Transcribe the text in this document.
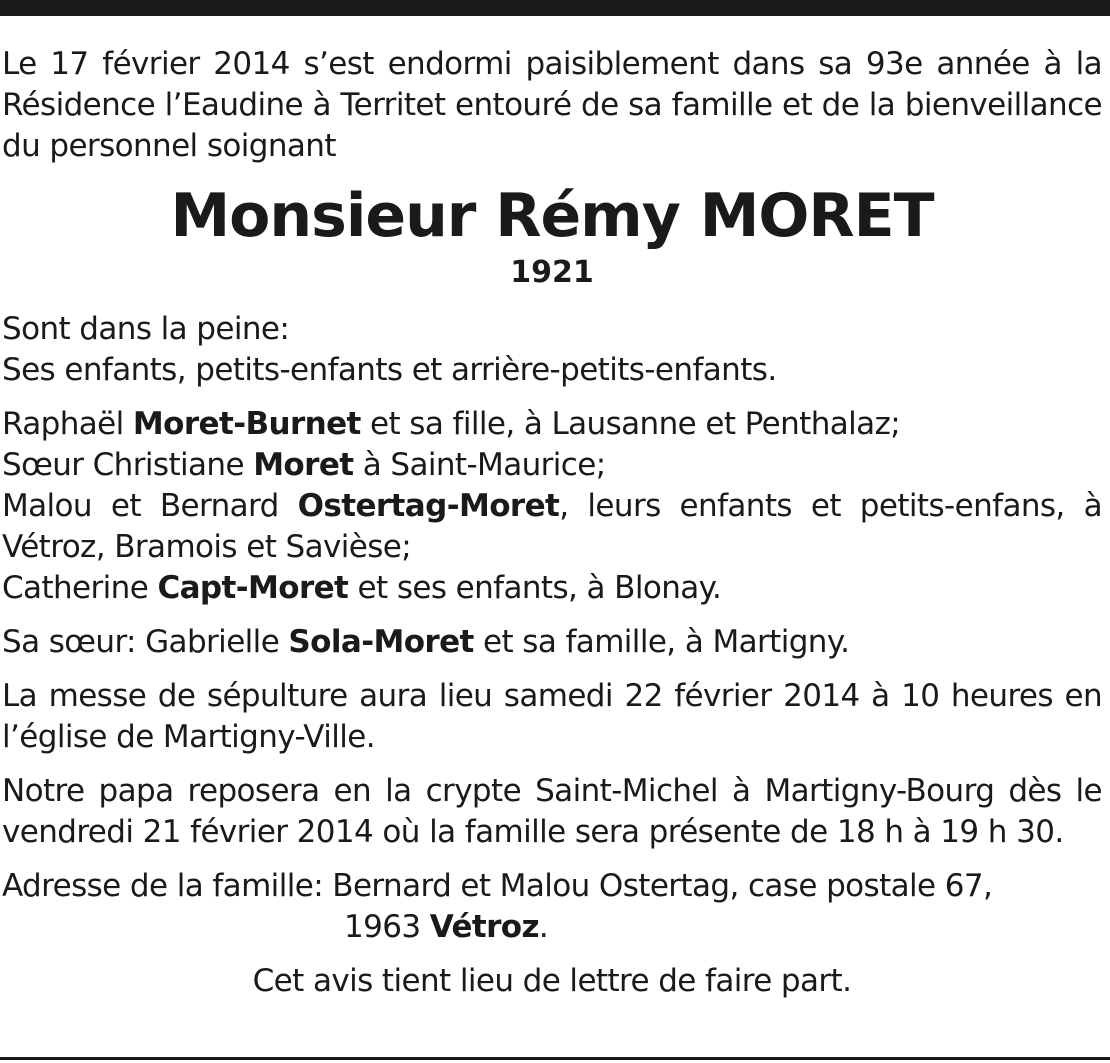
Le 17 février 2014 s’est endormi paisiblement dans sa 93e année à la Résidence l’Eaudine à Territet entouré de sa famille et de la bienveillance du personnel soignant

Monsieur Rémy MORET
1921

Sont dans la peine:

Ses enfants, petits-enfants et arrière-petits-enfants.

Raphaël Moret-Burnet et sa fille, à Lausanne et Penthalaz;

Sœur Christiane Moret à Saint-Maurice;

Malou et Bernard Ostertag-Moret, leurs enfants et petits-enfans, à Vétroz, Bramois et Savièse;

Catherine Capt-Moret et ses enfants, à Blonay.

Sa sœur: Gabrielle Sola-Moret et sa famille, à Martigny.

La messe de sépulture aura lieu samedi 22 février 2014 à 10 heures en l’église de Martigny-Ville.

Notre papa reposera en la crypte Saint-Michel à Martigny-Bourg dès le vendredi 21 février 2014 où la famille sera présente de 18 h à 19 h 30.

Adresse de la famille: Bernard et Malou Ostertag, case postale 67,

1963 Vétroz.

Cet avis tient lieu de lettre de faire part.
